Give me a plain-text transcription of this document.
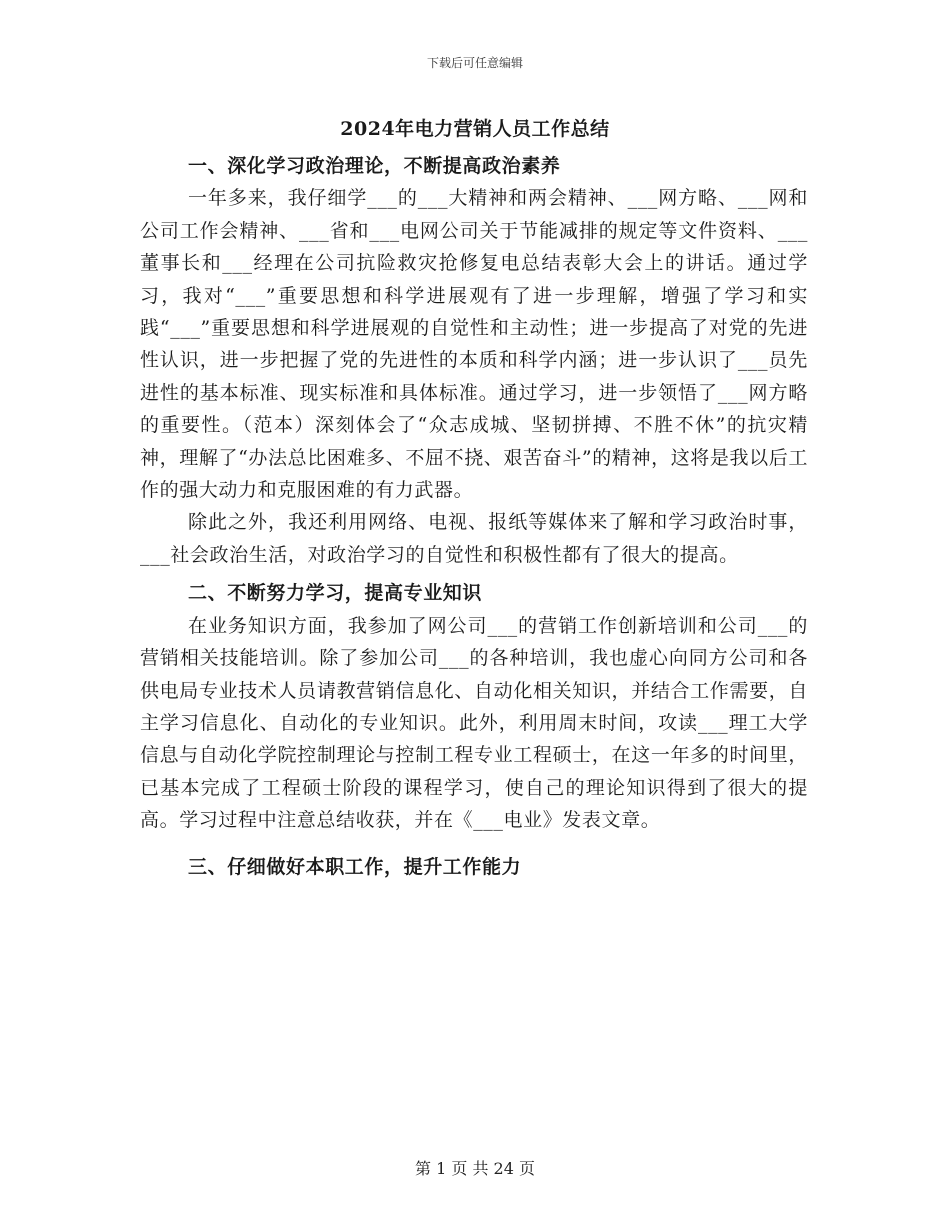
下载后可任意编辑
2024年电力营销人员工作总结

一、深化学习政治理论，不断提高政治素养

一年多来，我仔细学___的___大精神和两会精神、___网方略、___网和公司工作会精神、___省和___电网公司关于节能减排的规定等文件资料、___董事长和___经理在公司抗险救灾抢修复电总结表彰大会上的讲话。通过学习，我对“___”重要思想和科学进展观有了进一步理解，增强了学习和实践“___”重要思想和科学进展观的自觉性和主动性；进一步提高了对党的先进性认识，进一步把握了党的先进性的本质和科学内涵；进一步认识了___员先进性的基本标准、现实标准和具体标准。通过学习，进一步领悟了___网方略的重要性。（范本）深刻体会了“众志成城、坚韧拼搏、不胜不休”的抗灾精神，理解了“办法总比困难多、不屈不挠、艰苦奋斗”的精神，这将是我以后工作的强大动力和克服困难的有力武器。

除此之外，我还利用网络、电视、报纸等媒体来了解和学习政治时事，___社会政治生活，对政治学习的自觉性和积极性都有了很大的提高。

二、不断努力学习，提高专业知识

在业务知识方面，我参加了网公司___的营销工作创新培训和公司___的营销相关技能培训。除了参加公司___的各种培训，我也虚心向同方公司和各供电局专业技术人员请教营销信息化、自动化相关知识，并结合工作需要，自主学习信息化、自动化的专业知识。此外，利用周末时间，攻读___理工大学信息与自动化学院控制理论与控制工程专业工程硕士，在这一年多的时间里，已基本完成了工程硕士阶段的课程学习，使自己的理论知识得到了很大的提高。学习过程中注意总结收获，并在《___电业》发表文章。

三、仔细做好本职工作，提升工作能力

第 1 页 共 24 页
